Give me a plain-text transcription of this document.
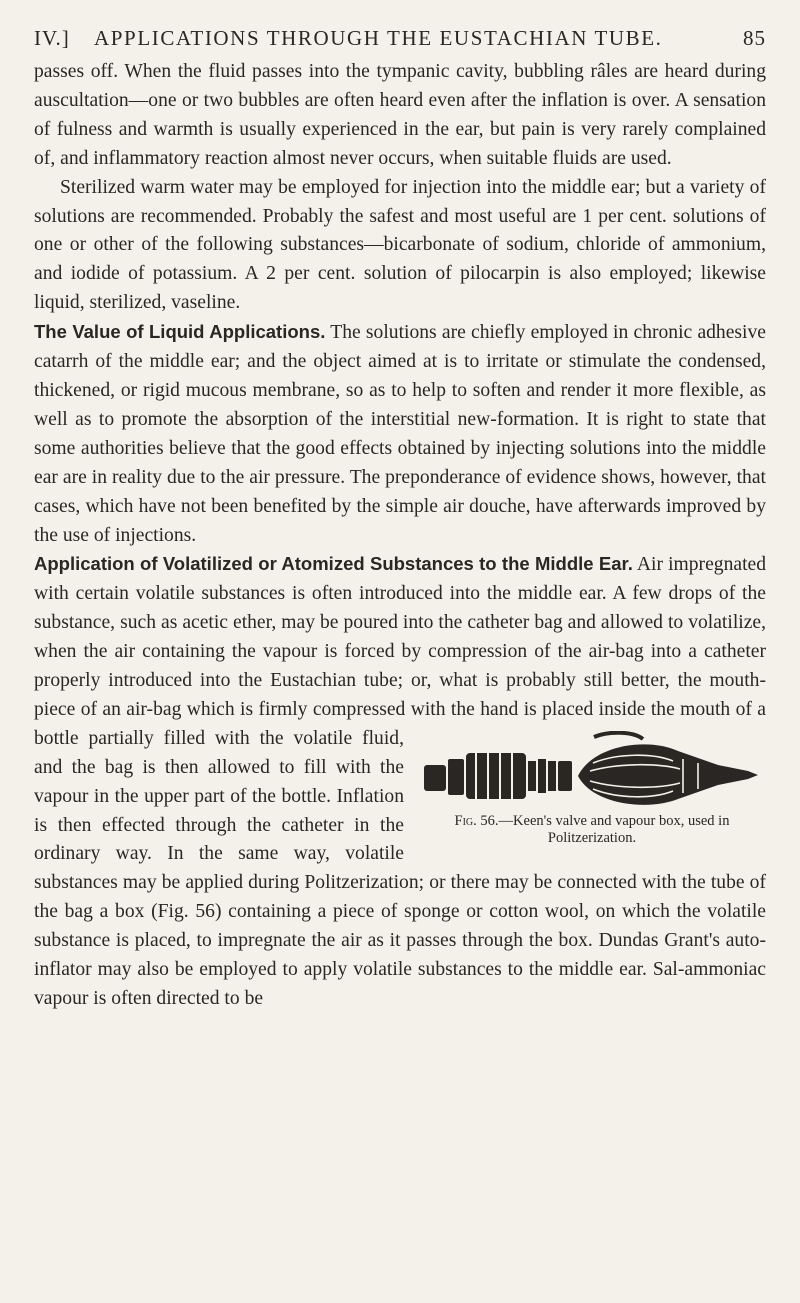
IV.] APPLICATIONS THROUGH THE EUSTACHIAN TUBE.	85

passes off. When the fluid passes into the tympanic cavity, bubbling râles are heard during auscultation—one or two bubbles are often heard even after the inflation is over. A sensation of fulness and warmth is usually experienced in the ear, but pain is very rarely complained of, and inflammatory reaction almost never occurs, when suitable fluids are used.

Sterilized warm water may be employed for injection into the middle ear; but a variety of solutions are recommended. Probably the safest and most useful are 1 per cent. solutions of one or other of the following substances—bicarbonate of sodium, chloride of ammonium, and iodide of potassium. A 2 per cent. solution of pilocarpin is also employed; likewise liquid, sterilized, vaseline.

The Value of Liquid Applications. The solutions are chiefly employed in chronic adhesive catarrh of the middle ear; and the object aimed at is to irritate or stimulate the condensed, thickened, or rigid mucous membrane, so as to help to soften and render it more flexible, as well as to promote the absorption of the interstitial new-formation. It is right to state that some authorities believe that the good effects obtained by injecting solutions into the middle ear are in reality due to the air pressure. The preponderance of evidence shows, however, that cases, which have not been benefited by the simple air douche, have afterwards improved by the use of injections.

Application of Volatilized or Atomized Substances to the Middle Ear. Air impregnated with certain volatile substances is often introduced into the middle ear. A few drops of the substance, such as acetic ether, may be poured into the catheter bag and allowed to volatilize, when the air containing the vapour is forced by compression of the air-bag into a catheter properly introduced into the Eustachian tube; or, what is probably still better, the mouth-piece of an air-bag which is firmly compressed with the hand is placed inside the mouth of a bottle partially filled with the
Fig. 56.—Keen's valve and vapour box, used in Politzerization.
volatile fluid, and the bag is then allowed to fill with the vapour in the upper part of the bottle. Inflation is then effected through the catheter in the ordinary way. In the same way, volatile substances may be applied during Politzerization; or there may be connected with the tube of the bag a box (Fig. 56) containing a piece of sponge or cotton wool, on which the volatile substance is placed, to impregnate the air as it passes through the box. Dundas Grant's auto-inflator may also be employed to apply volatile substances to the middle ear. Sal-ammoniac vapour is often directed to be
